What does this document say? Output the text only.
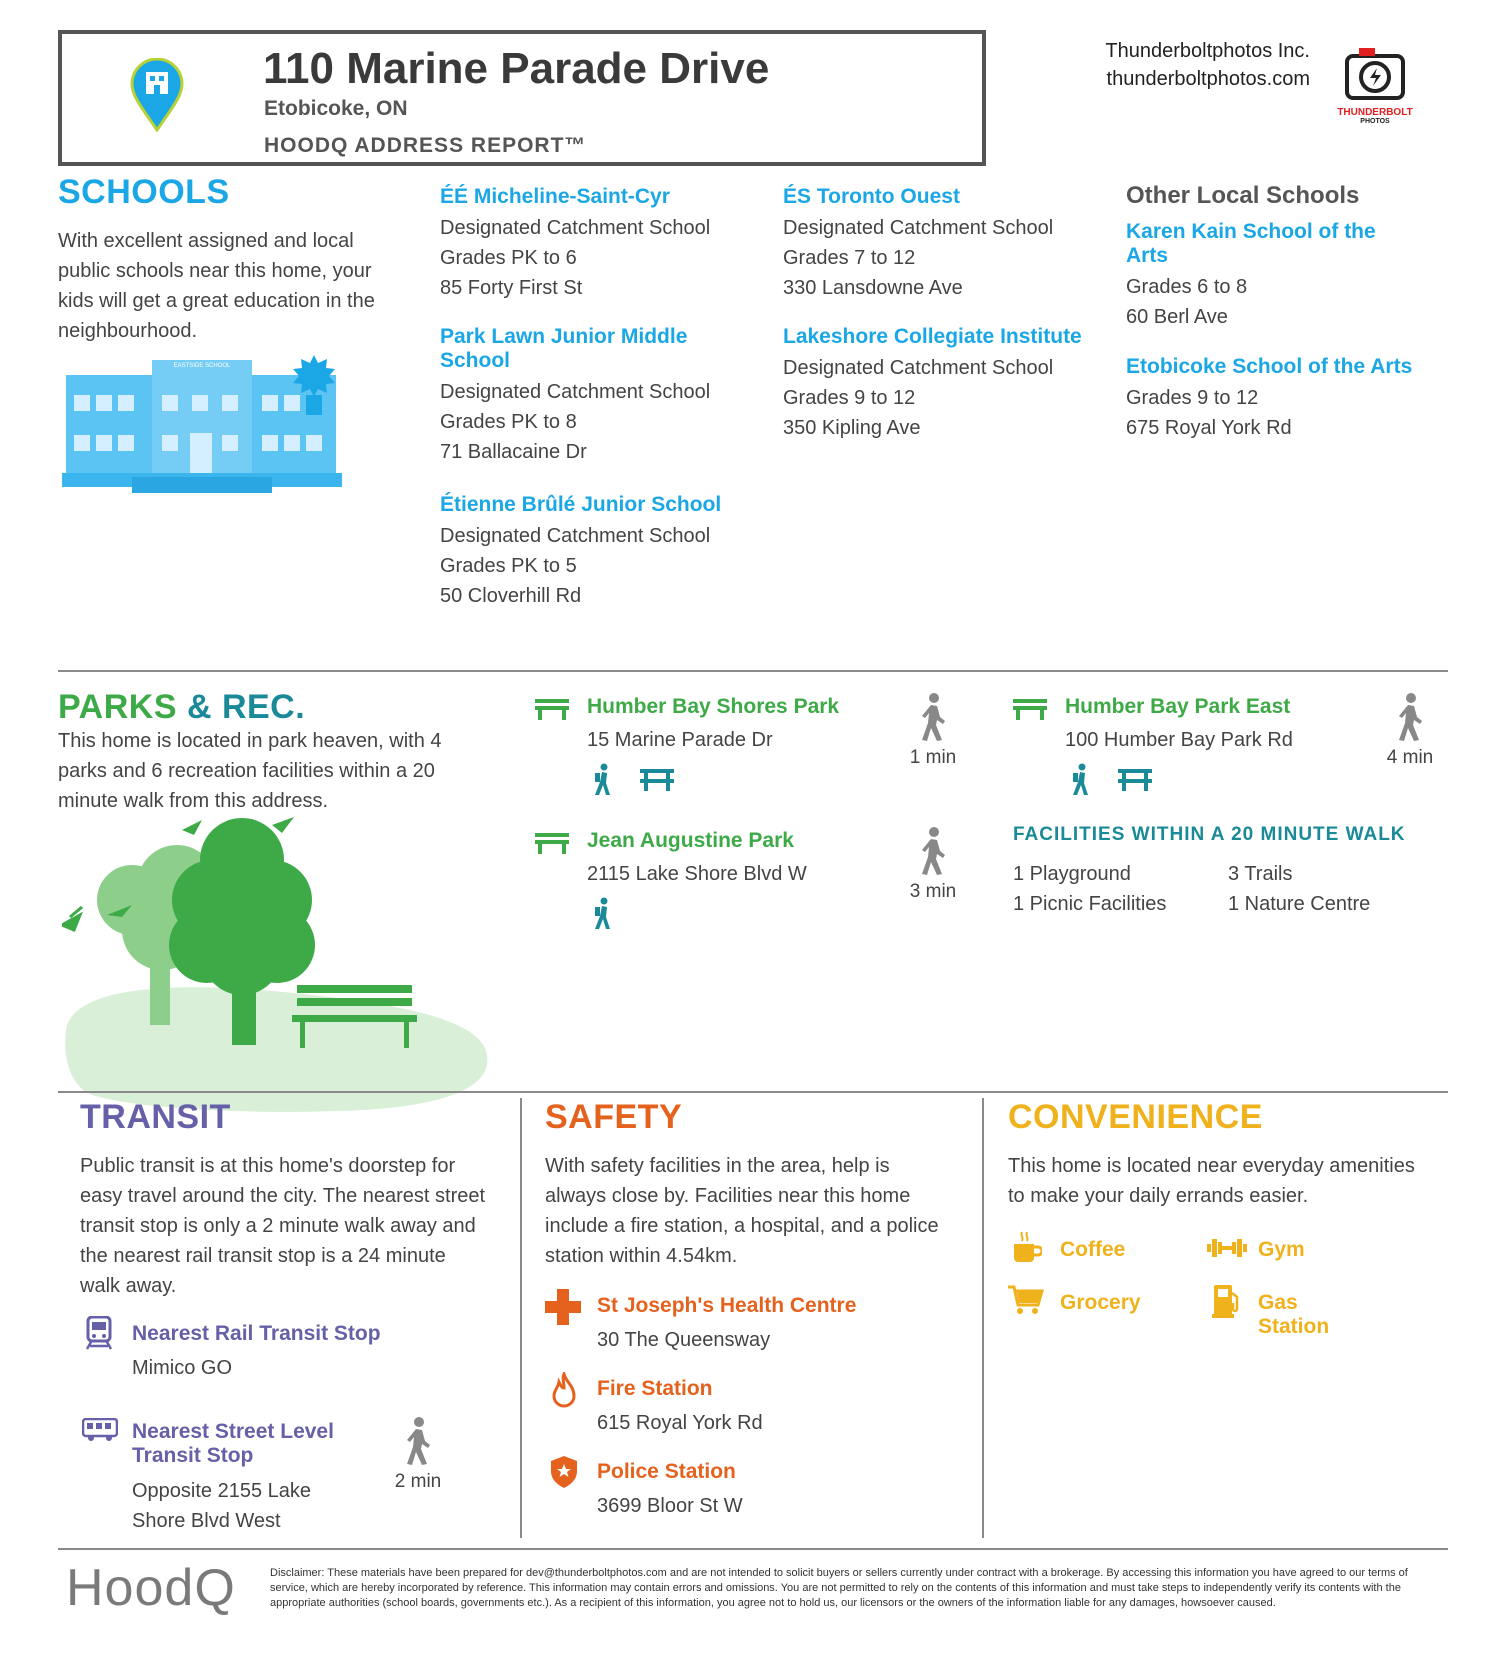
110 Marine Parade Drive
Etobicoke, ON
HOODQ ADDRESS REPORT™
Thunderboltphotos Inc.
thunderboltphotos.com
THUNDERBOLT
PHOTOS
SCHOOLS
With excellent assigned and local public schools near this home, your kids will get a great education in the neighbourhood.
EASTSIDE SCHOOL
ÉÉ Micheline-Saint-Cyr
Designated Catchment School
Grades PK to 6
85 Forty First St
Park Lawn Junior Middle School
Designated Catchment School
Grades PK to 8
71 Ballacaine Dr
Étienne Brûlé Junior School
Designated Catchment School
Grades PK to 5
50 Cloverhill Rd
ÉS Toronto Ouest
Designated Catchment School
Grades 7 to 12
330 Lansdowne Ave
Lakeshore Collegiate Institute
Designated Catchment School
Grades 9 to 12
350 Kipling Ave
Other Local Schools
Karen Kain School of the Arts
Grades 6 to 8
60 Berl Ave
Etobicoke School of the Arts
Grades 9 to 12
675 Royal York Rd
PARKS & REC.
This home is located in park heaven, with 4 parks and 6 recreation facilities within a 20 minute walk from this address.
Humber Bay Shores Park
15 Marine Parade Dr
1 min
Jean Augustine Park
2115 Lake Shore Blvd W
3 min
Humber Bay Park East
100 Humber Bay Park Rd
4 min
FACILITIES WITHIN A 20 MINUTE WALK
1 Playground	3 Trails
1 Picnic Facilities	1 Nature Centre
TRANSIT
Public transit is at this home's doorstep for easy travel around the city. The nearest street transit stop is only a 2 minute walk away and the nearest rail transit stop is a 24 minute walk away.
Nearest Rail Transit Stop
Mimico GO
Nearest Street Level Transit Stop
Opposite 2155 Lake Shore Blvd West
2 min
SAFETY
With safety facilities in the area, help is always close by. Facilities near this home include a fire station, a hospital, and a police station within 4.54km.
St Joseph's Health Centre
30 The Queensway
Fire Station
615 Royal York Rd
Police Station
3699 Bloor St W
CONVENIENCE
This home is located near everyday amenities to make your daily errands easier.
Coffee	Gym
Grocery	Gas Station
HoodQ	Disclaimer: These materials have been prepared for dev@thunderboltphotos.com and are not intended to solicit buyers or sellers currently under contract with a brokerage. By accessing this information you have agreed to our terms of service, which are hereby incorporated by reference. This information may contain errors and omissions. You are not permitted to rely on the contents of this information and must take steps to independently verify its contents with the appropriate authorities (school boards, governments etc.). As a recipient of this information, you agree not to hold us, our licensors or the owners of the information liable for any damages, howsoever caused.
